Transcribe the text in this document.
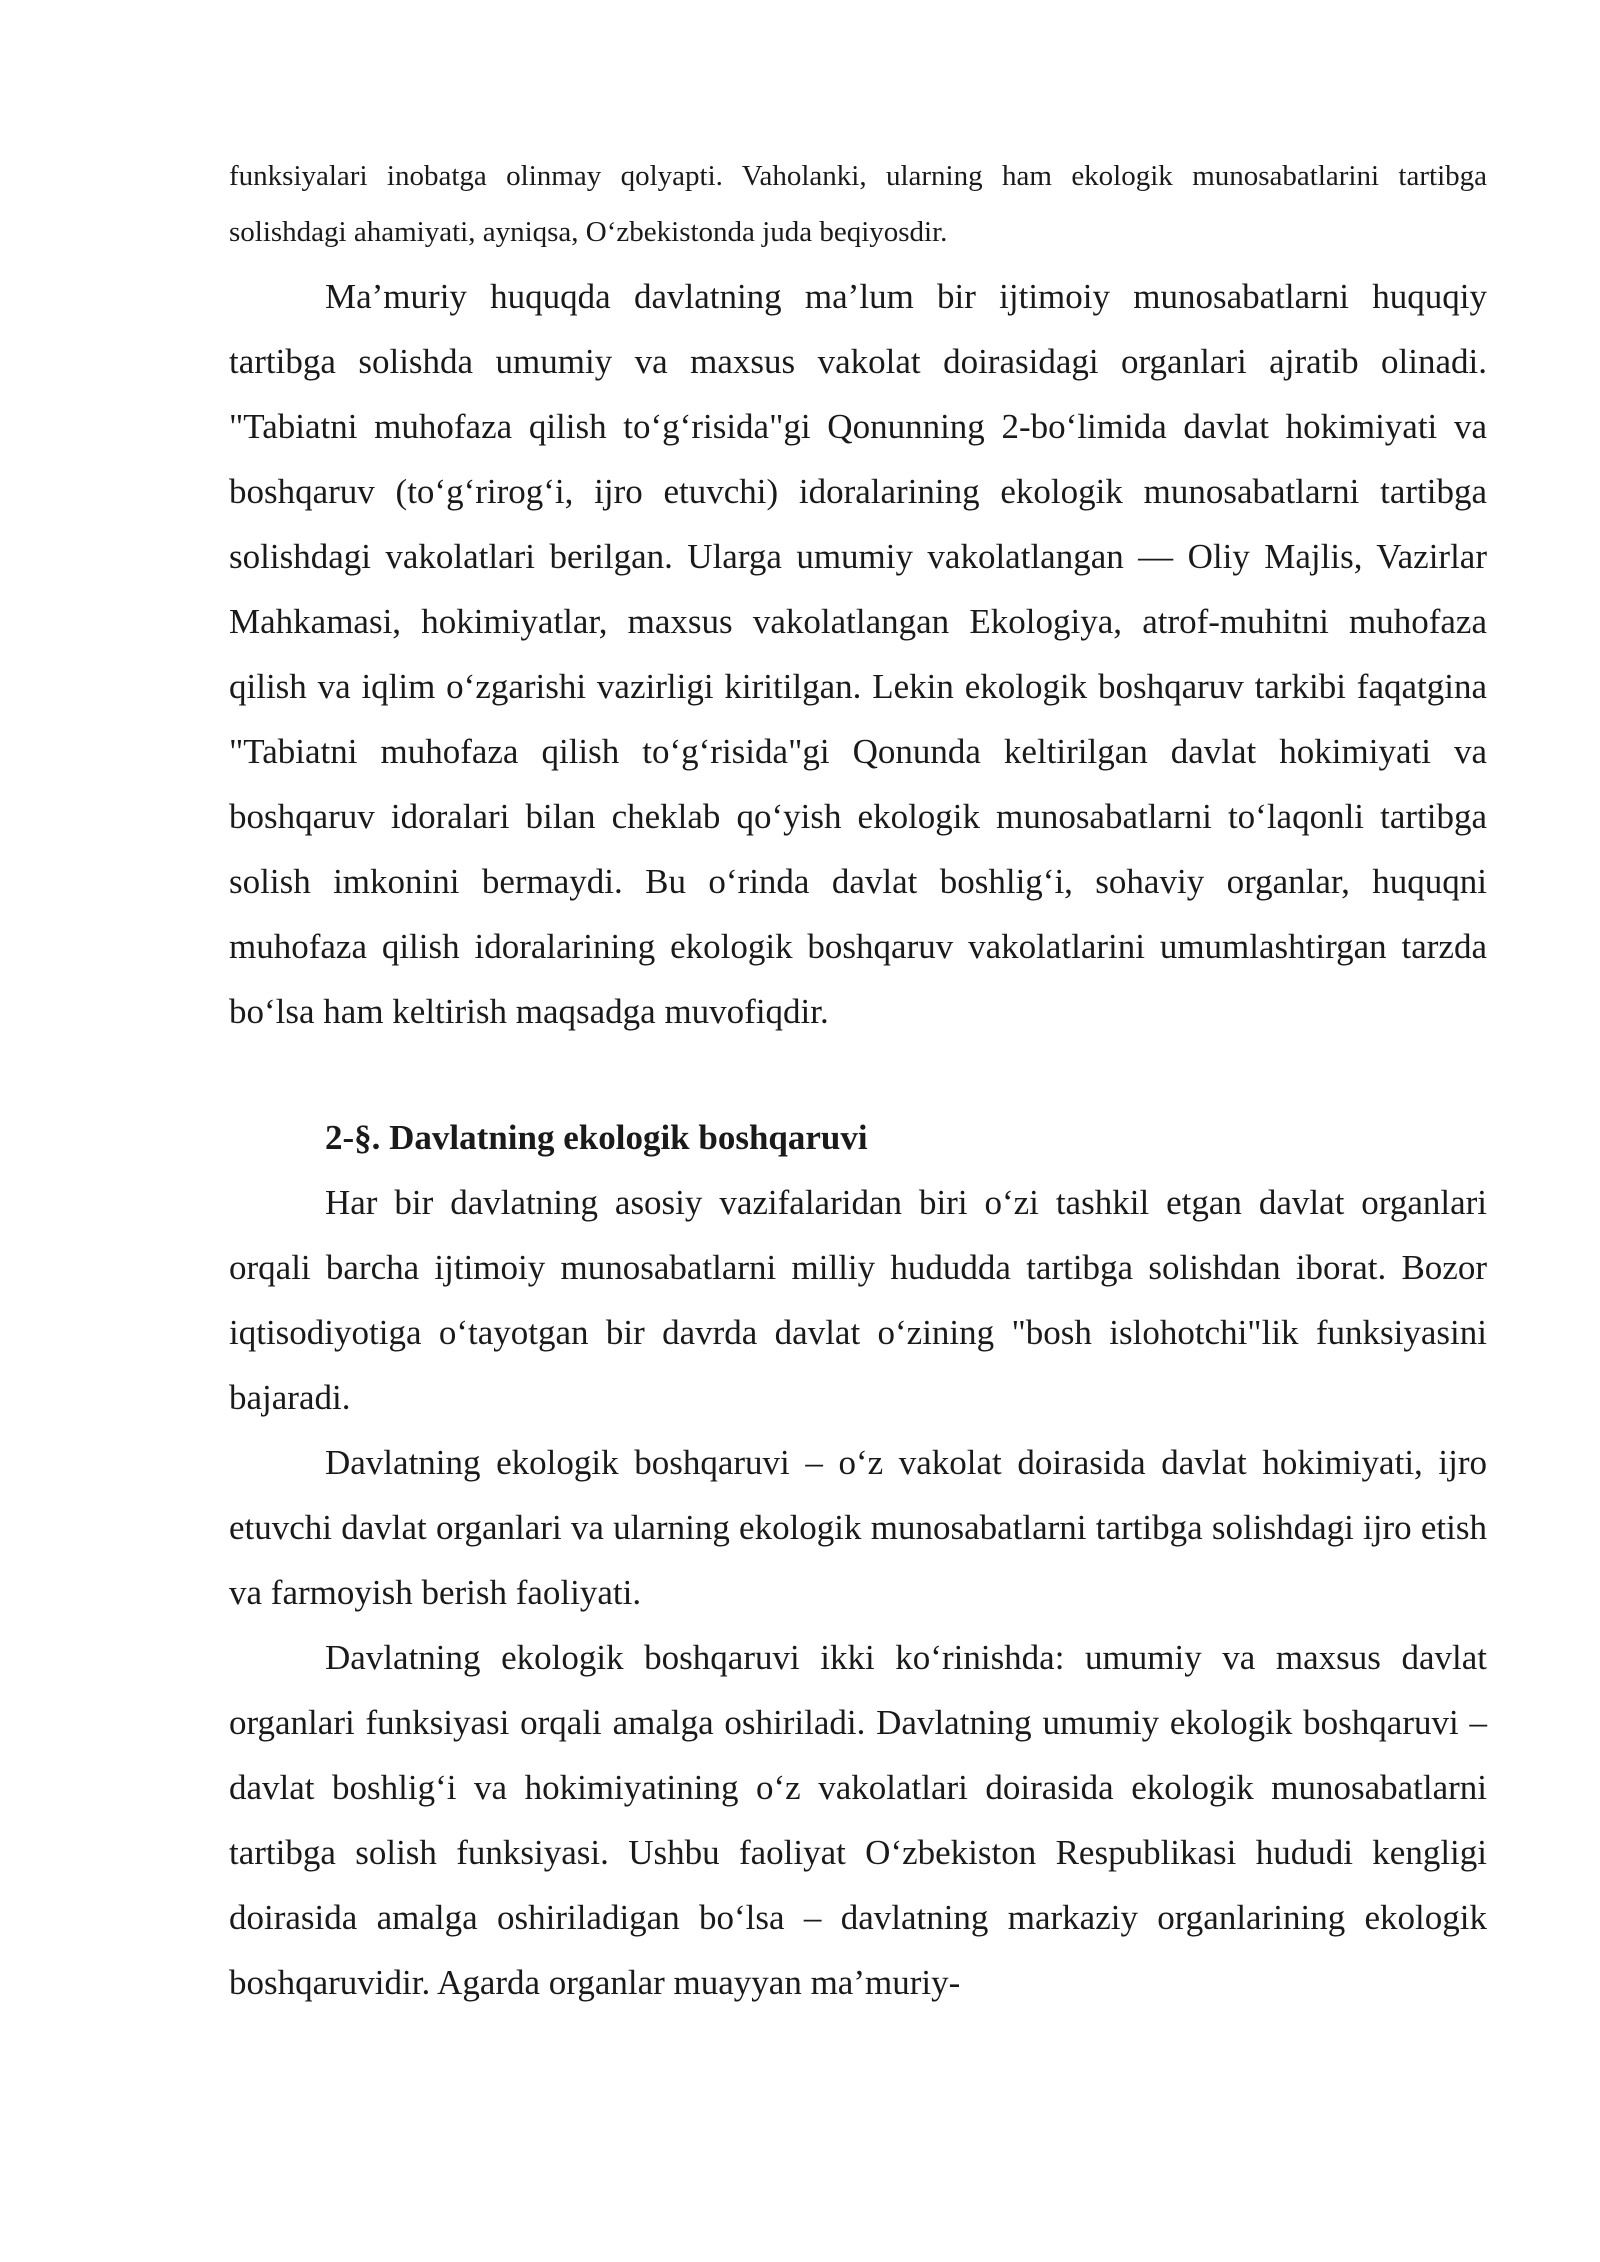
funksiyalari inobatga olinmay qolyapti. Vaholanki, ularning ham ekologik munosabatlarini tartibga solishdagi ahamiyati, ayniqsa, O‘zbekistonda juda beqiyosdir.

Ma’muriy huquqda davlatning ma’lum bir ijtimoiy munosabatlarni huquqiy tartibga solishda umumiy va maxsus vakolat doirasidagi organlari ajratib olinadi. "Tabiatni muhofaza qilish to‘g‘risida"gi Qonunning 2-bo‘limida davlat hokimiyati va boshqaruv (to‘g‘rirog‘i, ijro etuvchi) idoralarining ekologik munosabatlarni tartibga solishdagi vakolatlari berilgan. Ularga umumiy vakolatlangan — Oliy Majlis, Vazirlar Mahkamasi, hokimiyatlar, maxsus vakolatlangan Ekologiya, atrof-muhitni muhofaza qilish va iqlim o‘zgarishi vazirligi kiritilgan. Lekin ekologik boshqaruv tarkibi faqatgina "Tabiatni muhofaza qilish to‘g‘risida"gi Qonunda keltirilgan davlat hokimiyati va boshqaruv idoralari bilan cheklab qo‘yish ekologik munosabatlarni to‘laqonli tartibga solish imkonini bermaydi. Bu o‘rinda davlat boshlig‘i, sohaviy organlar, huquqni muhofaza qilish idoralarining ekologik boshqaruv vakolatlarini umumlashtirgan tarzda bo‘lsa ham keltirish maqsadga muvofiqdir.

2-§. Davlatning ekologik boshqaruvi

Har bir davlatning asosiy vazifalaridan biri o‘zi tashkil etgan davlat organlari orqali barcha ijtimoiy munosabatlarni milliy hududda tartibga solishdan iborat. Bozor iqtisodiyotiga o‘tayotgan bir davrda davlat o‘zining "bosh islohotchi"lik funksiyasini bajaradi.

Davlatning ekologik boshqaruvi – o‘z vakolat doirasida davlat hokimiyati, ijro etuvchi davlat organlari va ularning ekologik munosabatlarni tartibga solishdagi ijro etish va farmoyish berish faoliyati.

Davlatning ekologik boshqaruvi ikki ko‘rinishda: umumiy va maxsus davlat organlari funksiyasi orqali amalga oshiriladi. Davlatning umumiy ekologik boshqaruvi – davlat boshlig‘i va hokimiyatining o‘z vakolatlari doirasida ekologik munosabatlarni tartibga solish funksiyasi. Ushbu faoliyat O‘zbekiston Respublikasi hududi kengligi doirasida amalga oshiriladigan bo‘lsa – davlatning markaziy organlarining ekologik boshqaruvidir. Agarda organlar muayyan ma’muriy-
